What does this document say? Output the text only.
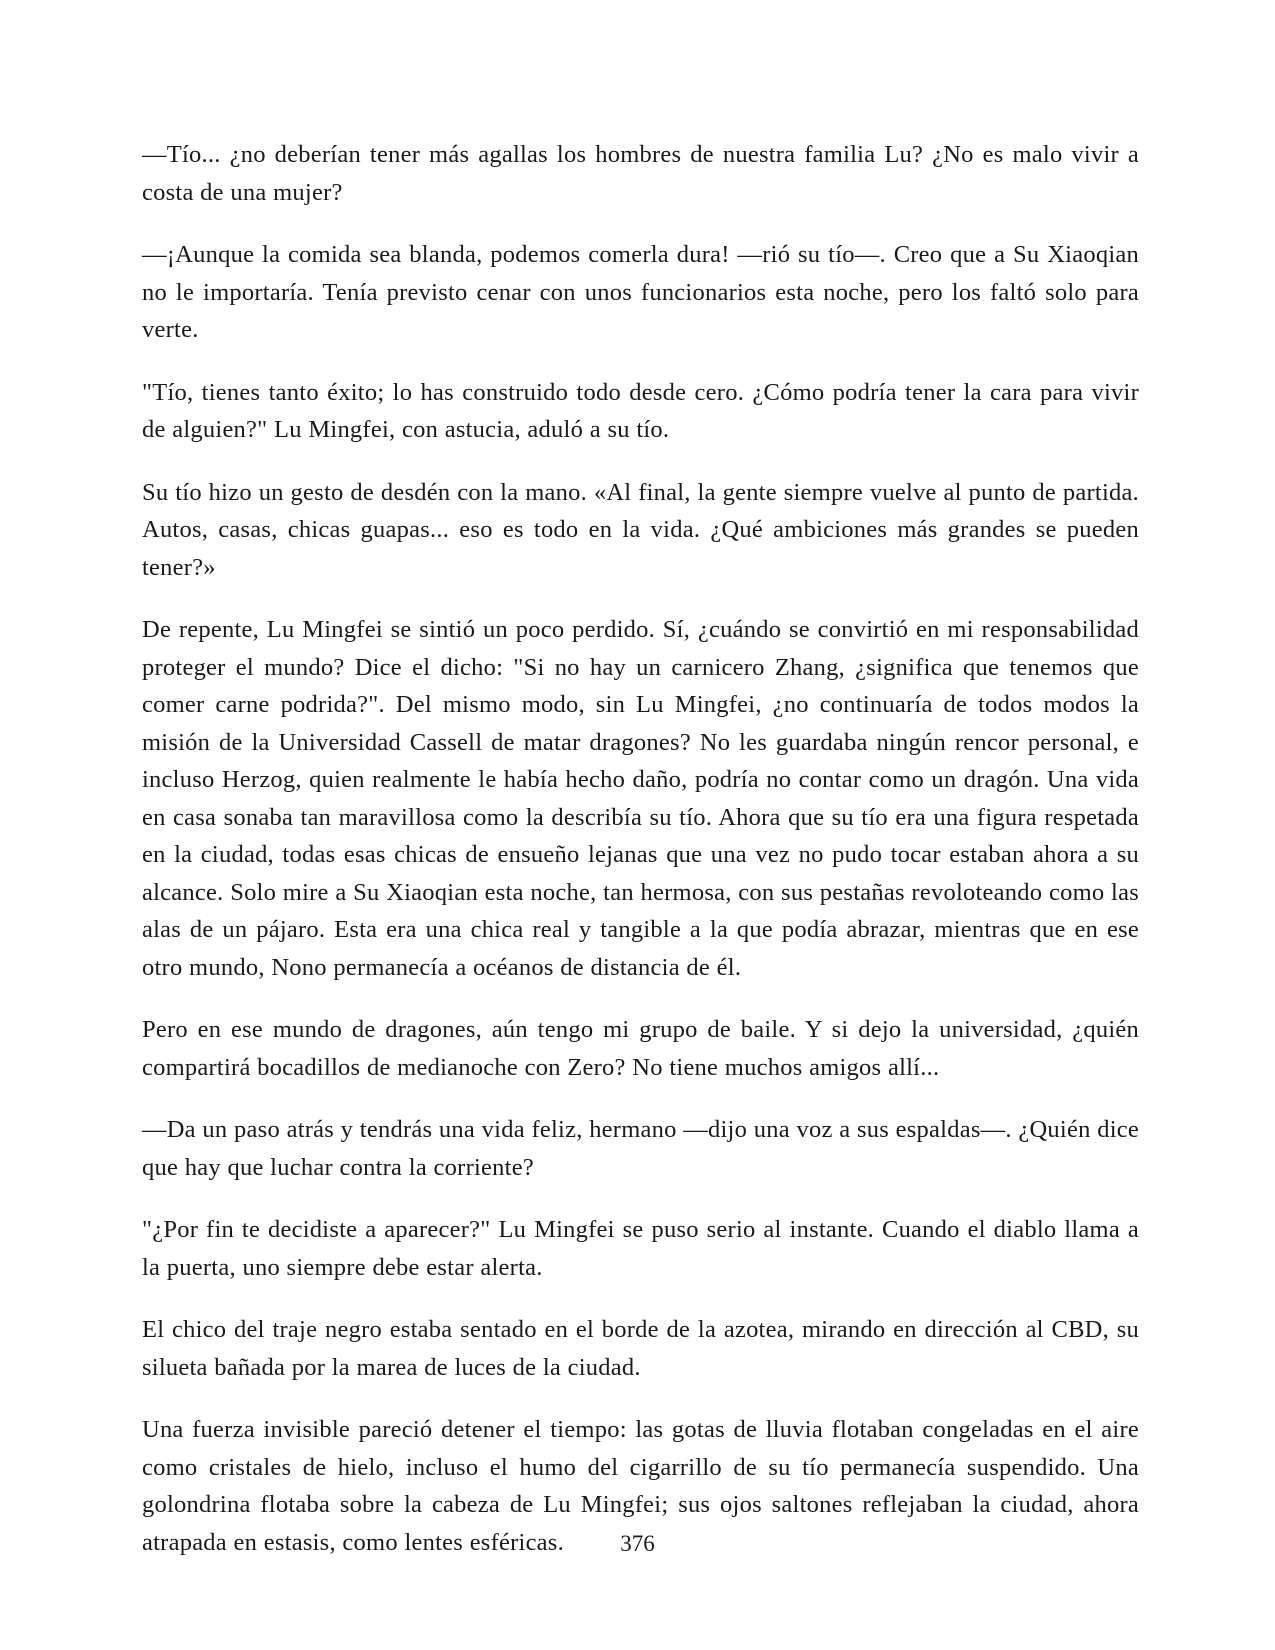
—Tío... ¿no deberían tener más agallas los hombres de nuestra familia Lu? ¿No es malo vivir a costa de una mujer?

—¡Aunque la comida sea blanda, podemos comerla dura! —rió su tío—. Creo que a Su Xiaoqian no le importaría. Tenía previsto cenar con unos funcionarios esta noche, pero los faltó solo para verte.

"Tío, tienes tanto éxito; lo has construido todo desde cero. ¿Cómo podría tener la cara para vivir de alguien?" Lu Mingfei, con astucia, aduló a su tío.

Su tío hizo un gesto de desdén con la mano. «Al final, la gente siempre vuelve al punto de partida. Autos, casas, chicas guapas... eso es todo en la vida. ¿Qué ambiciones más grandes se pueden tener?»

De repente, Lu Mingfei se sintió un poco perdido. Sí, ¿cuándo se convirtió en mi responsabilidad proteger el mundo? Dice el dicho: "Si no hay un carnicero Zhang, ¿significa que tenemos que comer carne podrida?". Del mismo modo, sin Lu Mingfei, ¿no continuaría de todos modos la misión de la Universidad Cassell de matar dragones? No les guardaba ningún rencor personal, e incluso Herzog, quien realmente le había hecho daño, podría no contar como un dragón. Una vida en casa sonaba tan maravillosa como la describía su tío. Ahora que su tío era una figura respetada en la ciudad, todas esas chicas de ensueño lejanas que una vez no pudo tocar estaban ahora a su alcance. Solo mire a Su Xiaoqian esta noche, tan hermosa, con sus pestañas revoloteando como las alas de un pájaro. Esta era una chica real y tangible a la que podía abrazar, mientras que en ese otro mundo, Nono permanecía a océanos de distancia de él.

Pero en ese mundo de dragones, aún tengo mi grupo de baile. Y si dejo la universidad, ¿quién compartirá bocadillos de medianoche con Zero? No tiene muchos amigos allí...

—Da un paso atrás y tendrás una vida feliz, hermano —dijo una voz a sus espaldas—. ¿Quién dice que hay que luchar contra la corriente?

"¿Por fin te decidiste a aparecer?" Lu Mingfei se puso serio al instante. Cuando el diablo llama a la puerta, uno siempre debe estar alerta.

El chico del traje negro estaba sentado en el borde de la azotea, mirando en dirección al CBD, su silueta bañada por la marea de luces de la ciudad.

Una fuerza invisible pareció detener el tiempo: las gotas de lluvia flotaban congeladas en el aire como cristales de hielo, incluso el humo del cigarrillo de su tío permanecía suspendido. Una golondrina flotaba sobre la cabeza de Lu Mingfei; sus ojos saltones reflejaban la ciudad, ahora atrapada en estasis, como lentes esféricas.	376
